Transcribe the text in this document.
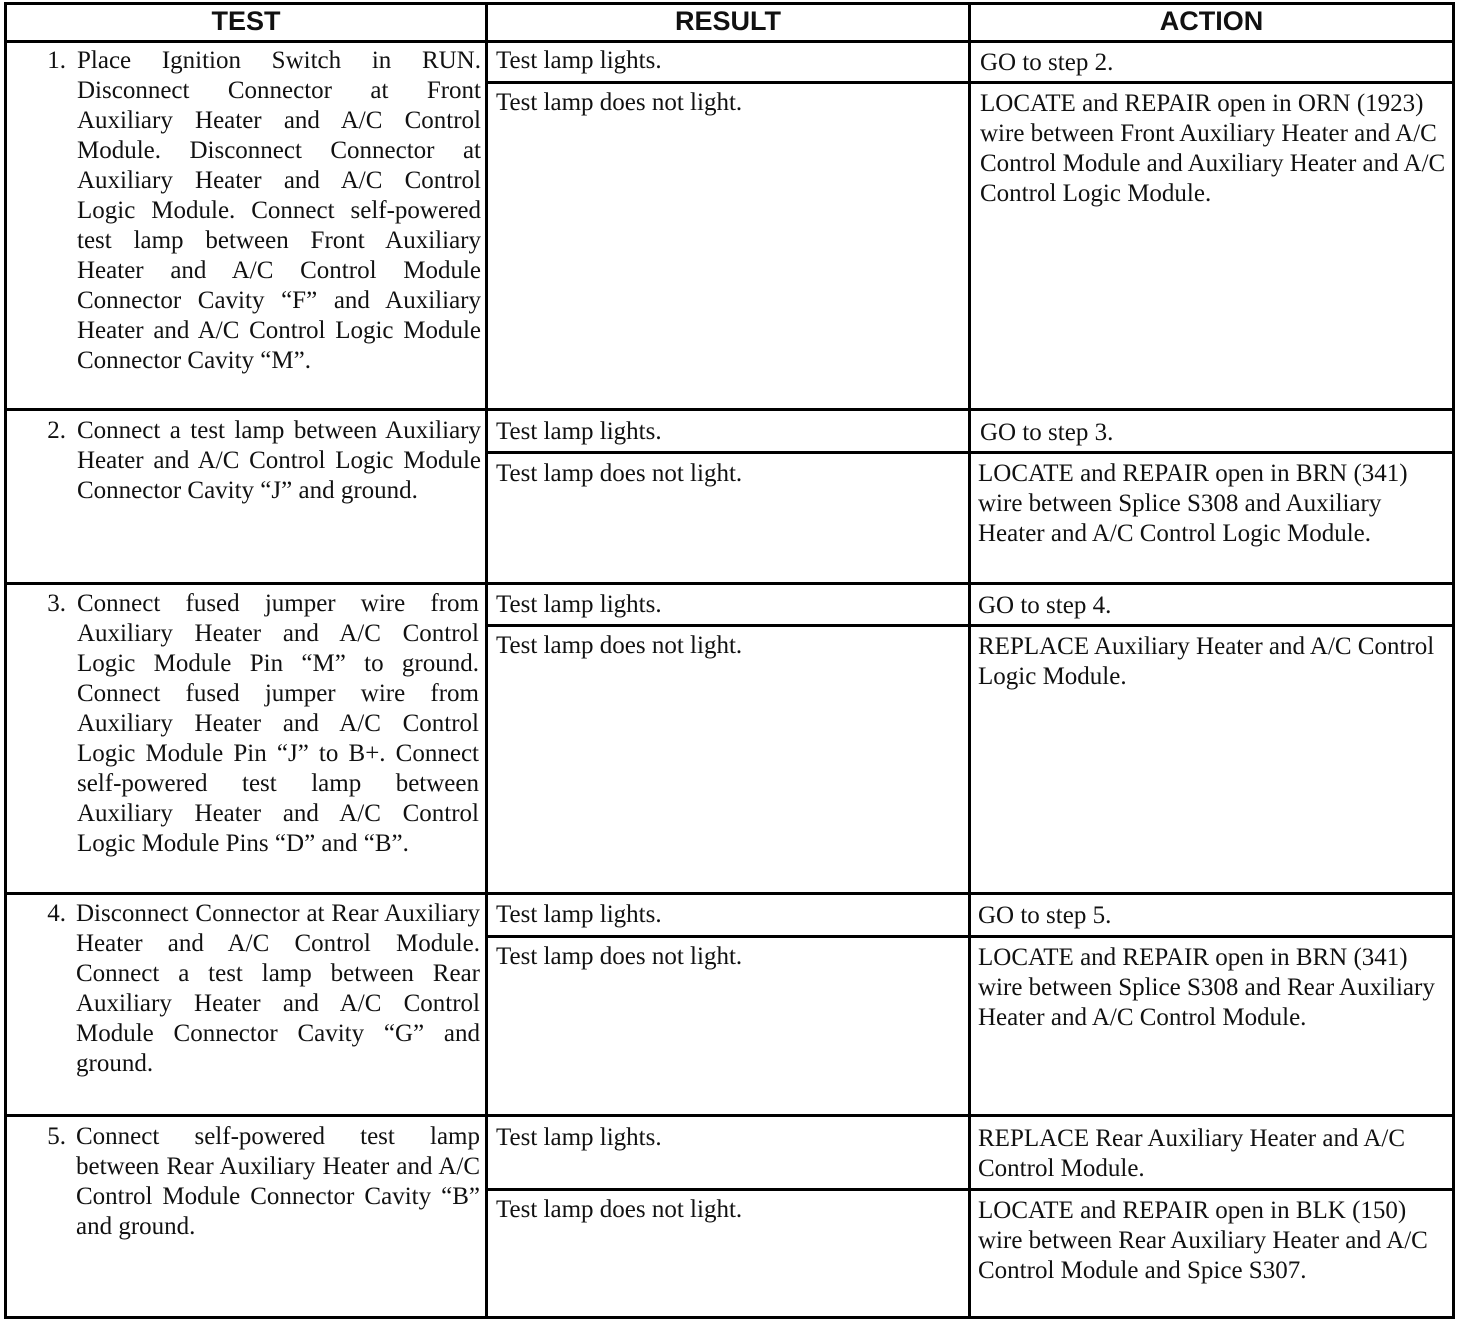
TEST	RESULT	ACTION
1. Place Ignition Switch in RUN. Disconnect Connector at Front Auxiliary Heater and A/C Control Module. Disconnect Connector at Auxiliary Heater and A/C Control Logic Module. Connect self-powered test lamp between Front Auxiliary Heater and A/C Control Module Connector Cavity “F” and Auxiliary Heater and A/C Control Logic Module Connector Cavity “M”.
Test lamp lights.	GO to step 2.
Test lamp does not light.	LOCATE and REPAIR open in ORN (1923) wire between Front Auxiliary Heater and A/C Control Module and Auxiliary Heater and A/C Control Logic Module.
2. Connect a test lamp between Auxiliary Heater and A/C Control Logic Module Connector Cavity “J” and ground.
Test lamp lights.	GO to step 3.
Test lamp does not light.	LOCATE and REPAIR open in BRN (341) wire between Splice S308 and Auxiliary Heater and A/C Control Logic Module.
3. Connect fused jumper wire from Auxiliary Heater and A/C Control Logic Module Pin “M” to ground. Connect fused jumper wire from Auxiliary Heater and A/C Control Logic Module Pin “J” to B+. Connect self-powered test lamp between Auxiliary Heater and A/C Control Logic Module Pins “D” and “B”.
Test lamp lights.	GO to step 4.
Test lamp does not light.	REPLACE Auxiliary Heater and A/C Control Logic Module.
4. Disconnect Connector at Rear Auxiliary Heater and A/C Control Module. Connect a test lamp between Rear Auxiliary Heater and A/C Control Module Connector Cavity “G” and ground.
Test lamp lights.	GO to step 5.
Test lamp does not light.	LOCATE and REPAIR open in BRN (341) wire between Splice S308 and Rear Auxiliary Heater and A/C Control Module.
5. Connect self-powered test lamp between Rear Auxiliary Heater and A/C Control Module Connector Cavity “B” and ground.
Test lamp lights.	REPLACE Rear Auxiliary Heater and A/C Control Module.
Test lamp does not light.	LOCATE and REPAIR open in BLK (150) wire between Rear Auxiliary Heater and A/C Control Module and Spice S307.
